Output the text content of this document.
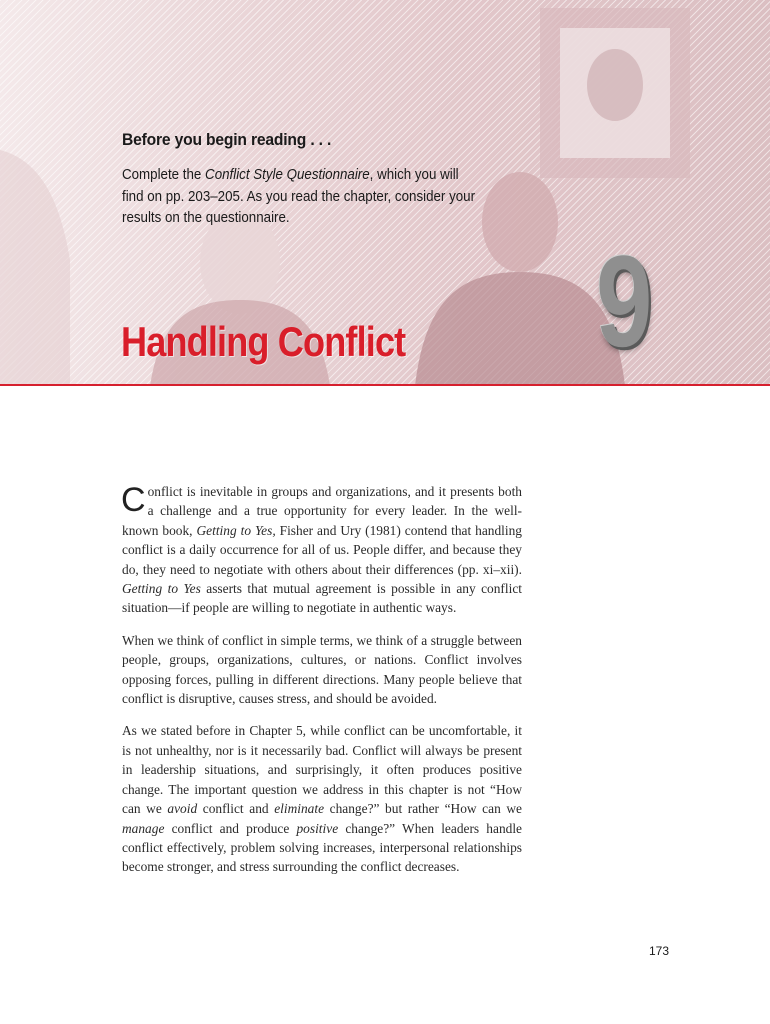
Before you begin reading . . .
Complete the Conflict Style Questionnaire, which you will find on pp. 203–205. As you read the chapter, consider your results on the questionnaire.
Handling Conflict 9

Conflict is inevitable in groups and organizations, and it presents both a challenge and a true opportunity for every leader. In the well-known book, Getting to Yes, Fisher and Ury (1981) contend that handling conflict is a daily occurrence for all of us. People differ, and because they do, they need to negotiate with others about their differences (pp. xi–xii). Getting to Yes asserts that mutual agreement is possible in any conflict situation—if people are willing to negotiate in authentic ways.

When we think of conflict in simple terms, we think of a struggle between people, groups, organizations, cultures, or nations. Conflict involves opposing forces, pulling in different directions. Many people believe that conflict is disruptive, causes stress, and should be avoided.

As we stated before in Chapter 5, while conflict can be uncomfortable, it is not unhealthy, nor is it necessarily bad. Conflict will always be present in leadership situations, and surprisingly, it often produces positive change. The important question we address in this chapter is not “How can we avoid conflict and eliminate change?” but rather “How can we manage conflict and produce positive change?” When leaders handle conflict effectively, problem solving increases, interpersonal relationships become stronger, and stress surrounding the conflict decreases.

173
